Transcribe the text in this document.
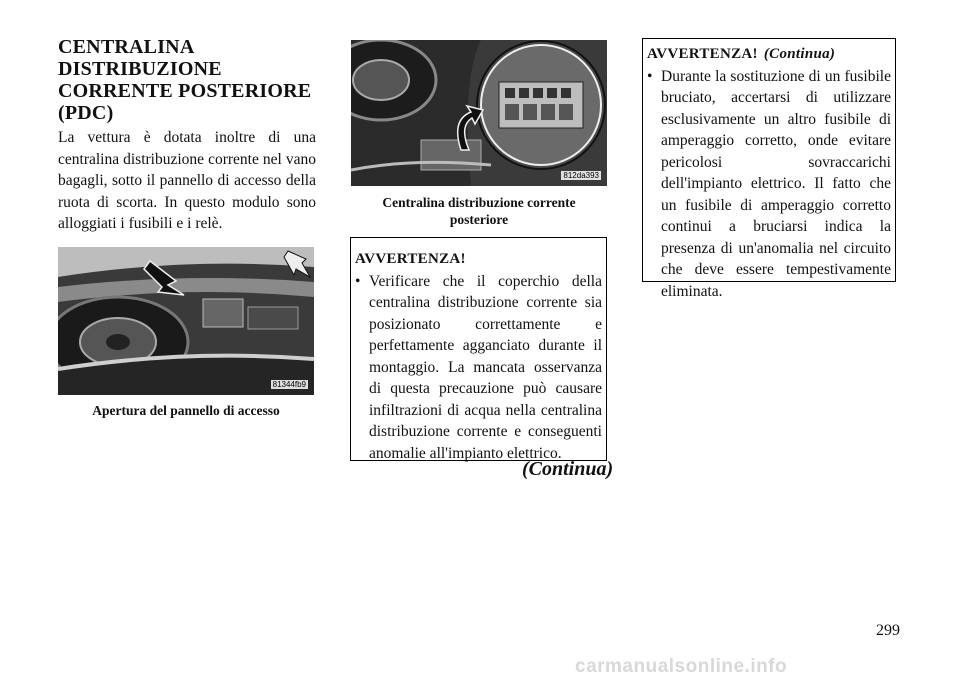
CENTRALINA
DISTRIBUZIONE
CORRENTE POSTERIORE
(PDC)
La vettura è dotata inoltre di una centralina distribuzione corrente nel vano bagagli, sotto il pannello di accesso della ruota di scorta. In questo modulo sono alloggiati i fusibili e i relè.
81344fb9
Apertura del pannello di accesso
812da393
Centralina distribuzione corrente posteriore
AVVERTENZA!
• Verificare che il coperchio della centralina distribuzione corrente sia posizionato correttamente e perfettamente agganciato durante il montaggio. La mancata osservanza di questa precauzione può causare infiltrazioni di acqua nella centralina distribuzione corrente e conseguenti anomalie all'impianto elettrico.
(Continua)
AVVERTENZA! (Continua)
• Durante la sostituzione di un fusibile bruciato, accertarsi di utilizzare esclusivamente un altro fusibile di amperaggio corretto, onde evitare pericolosi sovraccarichi dell'impianto elettrico. Il fatto che un fusibile di amperaggio corretto continui a bruciarsi indica la presenza di un'anomalia nel circuito che deve essere tempestivamente eliminata.
299
carmanualsonline.info
